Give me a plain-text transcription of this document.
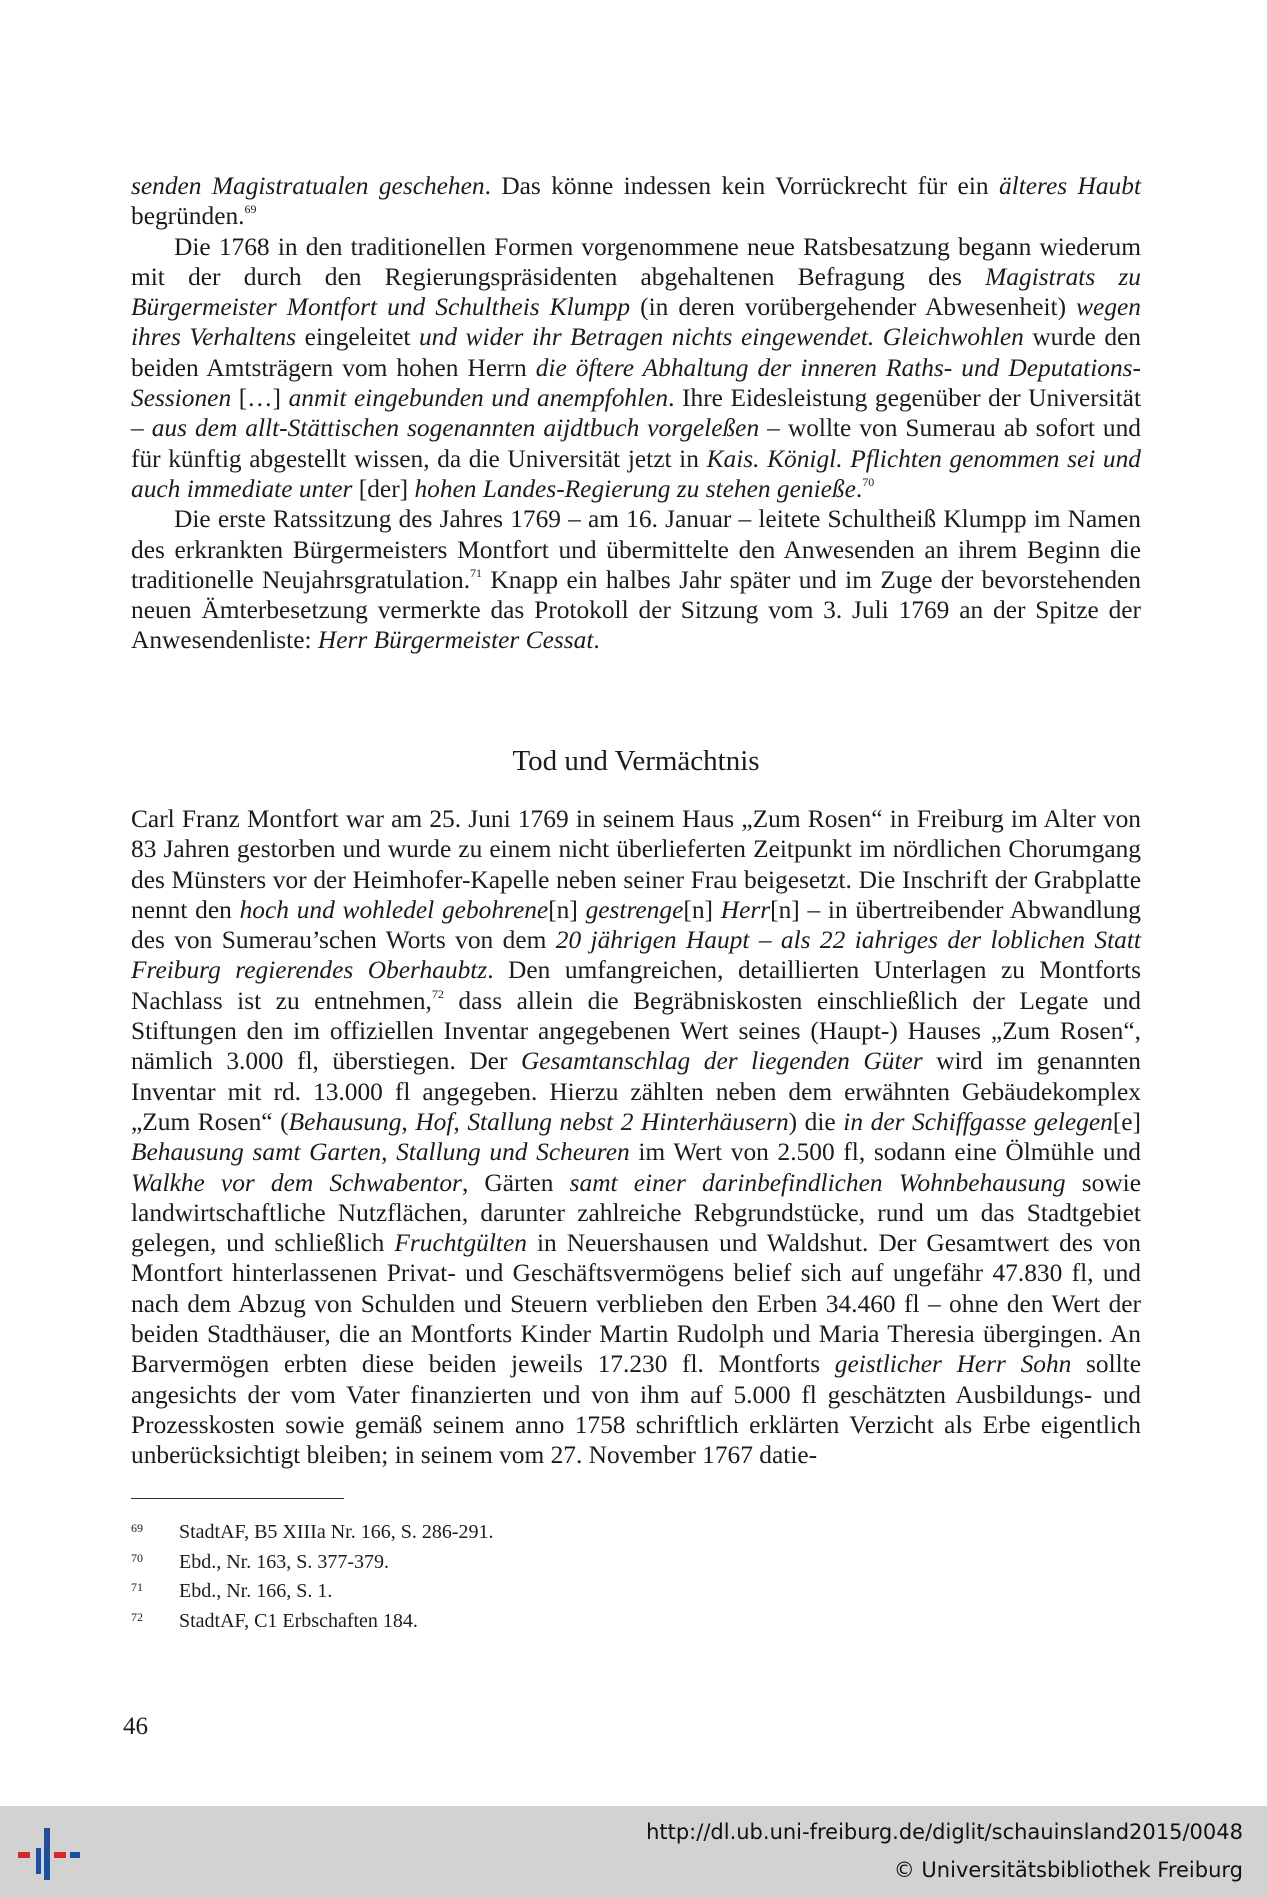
senden Magistratualen geschehen. Das könne indessen kein Vorrückrecht für ein älteres Haubt begründen.$^{69}$

Die 1768 in den traditionellen Formen vorgenommene neue Ratsbesatzung begann wiederum mit der durch den Regierungspräsidenten abgehaltenen Befragung des Magistrats zu Bürgermeister Montfort und Schultheis Klumpp (in deren vorübergehender Abwesenheit) wegen ihres Verhaltens eingeleitet und wider ihr Betragen nichts eingewendet. Gleichwohlen wurde den beiden Amtsträgern vom hohen Herrn die öftere Abhaltung der inneren Raths- und Deputations-Sessionen […] anmit eingebunden und anempfohlen. Ihre Eidesleistung gegenüber der Universität – aus dem allt-Stättischen sogenannten aijdtbuch vorgeleßen – wollte von Sumerau ab sofort und für künftig abgestellt wissen, da die Universität jetzt in Kais. Königl. Pflichten genommen sei und auch immediate unter [der] hohen Landes-Regierung zu stehen genieße.$^{70}$

Die erste Ratssitzung des Jahres 1769 – am 16. Januar – leitete Schultheiß Klumpp im Namen des erkrankten Bürgermeisters Montfort und übermittelte den Anwesenden an ihrem Beginn die traditionelle Neujahrsgratulation.$^{71}$ Knapp ein halbes Jahr später und im Zuge der bevorstehenden neuen Ämterbesetzung vermerkte das Protokoll der Sitzung vom 3. Juli 1769 an der Spitze der Anwesendenliste: Herr Bürgermeister Cessat.

Tod und Vermächtnis

Carl Franz Montfort war am 25. Juni 1769 in seinem Haus „Zum Rosen“ in Freiburg im Alter von 83 Jahren gestorben und wurde zu einem nicht überlieferten Zeitpunkt im nördlichen Chorumgang des Münsters vor der Heimhofer-Kapelle neben seiner Frau beigesetzt. Die Inschrift der Grabplatte nennt den hoch und wohledel gebohrene[n] gestrenge[n] Herr[n] – in übertreibender Abwandlung des von Sumerau’schen Worts von dem 20 jährigen Haupt – als 22 iahriges der loblichen Statt Freiburg regierendes Oberhaubtz. Den umfangreichen, detaillierten Unterlagen zu Montforts Nachlass ist zu entnehmen,$^{72}$ dass allein die Begräbniskosten einschließlich der Legate und Stiftungen den im offiziellen Inventar angegebenen Wert seines (Haupt-) Hauses „Zum Rosen“, nämlich 3.000 fl, überstiegen. Der Gesamtanschlag der liegenden Güter wird im genannten Inventar mit rd. 13.000 fl angegeben. Hierzu zählten neben dem erwähnten Gebäudekomplex „Zum Rosen“ (Behausung, Hof, Stallung nebst 2 Hinterhäusern) die in der Schiffgasse gelegen[e] Behausung samt Garten, Stallung und Scheuren im Wert von 2.500 fl, sodann eine Ölmühle und Walkhe vor dem Schwabentor, Gärten samt einer darinbefindlichen Wohnbehausung sowie landwirtschaftliche Nutzflächen, darunter zahlreiche Rebgrundstücke, rund um das Stadtgebiet gelegen, und schließlich Fruchtgülten in Neuershausen und Waldshut. Der Gesamtwert des von Montfort hinterlassenen Privat- und Geschäftsvermögens belief sich auf ungefähr 47.830 fl, und nach dem Abzug von Schulden und Steuern verblieben den Erben 34.460 fl – ohne den Wert der beiden Stadthäuser, die an Montforts Kinder Martin Rudolph und Maria Theresia übergingen. An Barvermögen erbten diese beiden jeweils 17.230 fl. Montforts geistlicher Herr Sohn sollte angesichts der vom Vater finanzierten und von ihm auf 5.000 fl geschätzten Ausbildungs- und Prozesskosten sowie gemäß seinem anno 1758 schriftlich erklärten Verzicht als Erbe eigentlich unberücksichtigt bleiben; in seinem vom 27. November 1767 datie-

69 StadtAF, B5 XIIIa Nr. 166, S. 286-291.
70 Ebd., Nr. 163, S. 377-379.
71 Ebd., Nr. 166, S. 1.
72 StadtAF, C1 Erbschaften 184.
46
http://dl.ub.uni-freiburg.de/diglit/schauinsland2015/0048
© Universitätsbibliothek Freiburg
